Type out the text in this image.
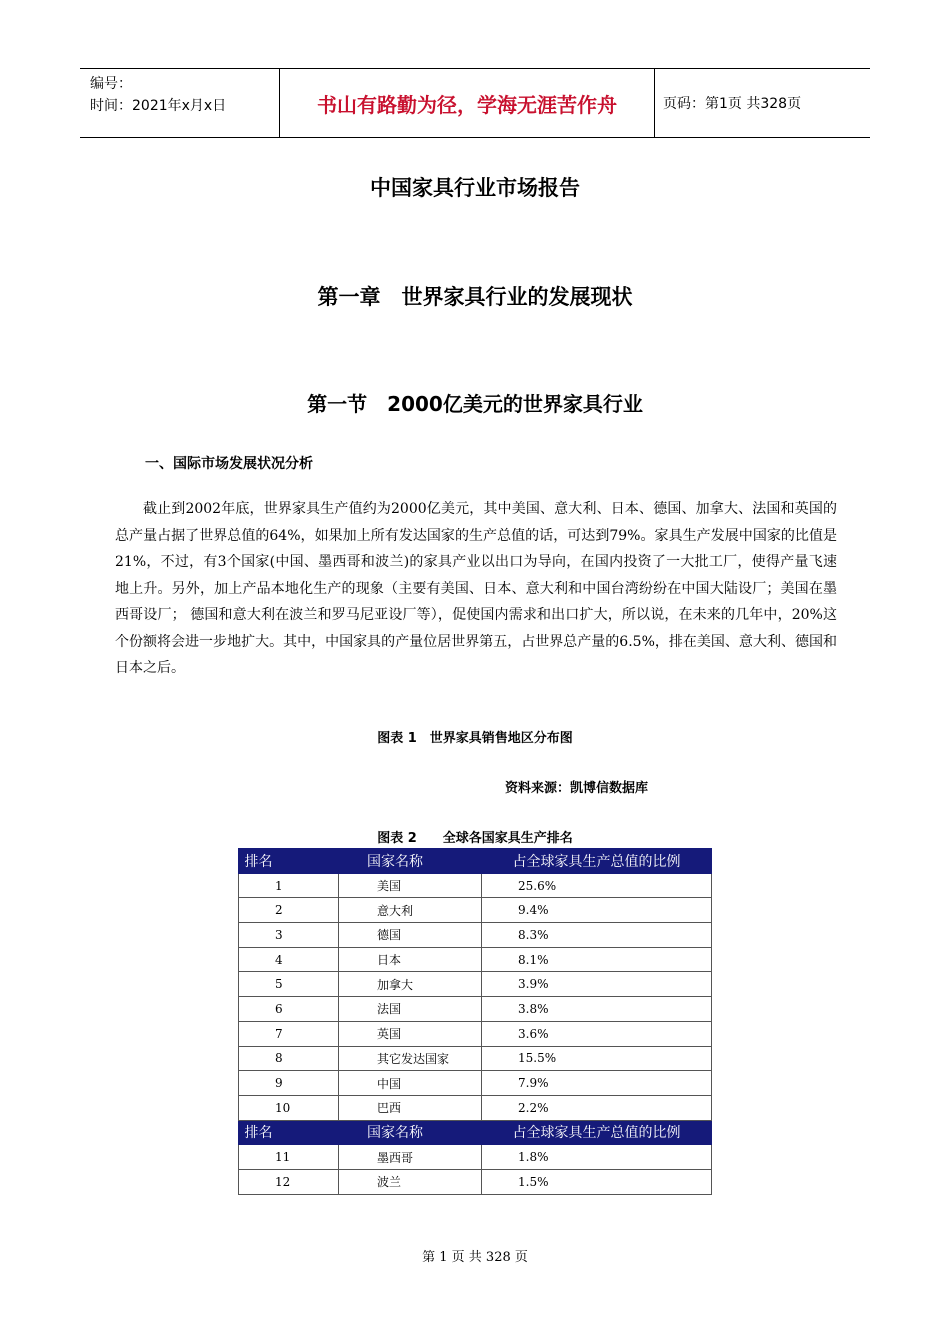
编号：
时间：2021年x月x日	书山有路勤为径，学海无涯苦作舟	页码：第1页 共328页
中国家具行业市场报告
第一章　世界家具行业的发展现状
第一节　2000亿美元的世界家具行业
一、国际市场发展状况分析
截止到2002年底，世界家具生产值约为2000亿美元，其中美国、意大利、日本、德国、加拿大、法国和英国的总产量占据了世界总值的64%，如果加上所有发达国家的生产总值的话，可达到79%。家具生产发展中国家的比值是21%，不过，有3个国家(中国、墨西哥和波兰)的家具产业以出口为导向，在国内投资了一大批工厂，使得产量飞速地上升。另外，加上产品本地化生产的现象（主要有美国、日本、意大利和中国台湾纷纷在中国大陆设厂；美国在墨西哥设厂； 德国和意大利在波兰和罗马尼亚设厂等），促使国内需求和出口扩大，所以说，在未来的几年中，20%这个份额将会进一步地扩大。其中，中国家具的产量位居世界第五，占世界总产量的6.5%，排在美国、意大利、德国和日本之后。
图表 1　世界家具销售地区分布图
资料来源：凯博信数据库
图表 2　　全球各国家具生产排名
排名	国家名称	占全球家具生产总值的比例
1	美国	25.6%
2	意大利	9.4%
3	德国	8.3%
4	日本	8.1%
5	加拿大	3.9%
6	法国	3.8%
7	英国	3.6%
8	其它发达国家	15.5%
9	中国	7.9%
10	巴西	2.2%
排名	国家名称	占全球家具生产总值的比例
11	墨西哥	1.8%
12	波兰	1.5%
第 1 页 共 328 页
